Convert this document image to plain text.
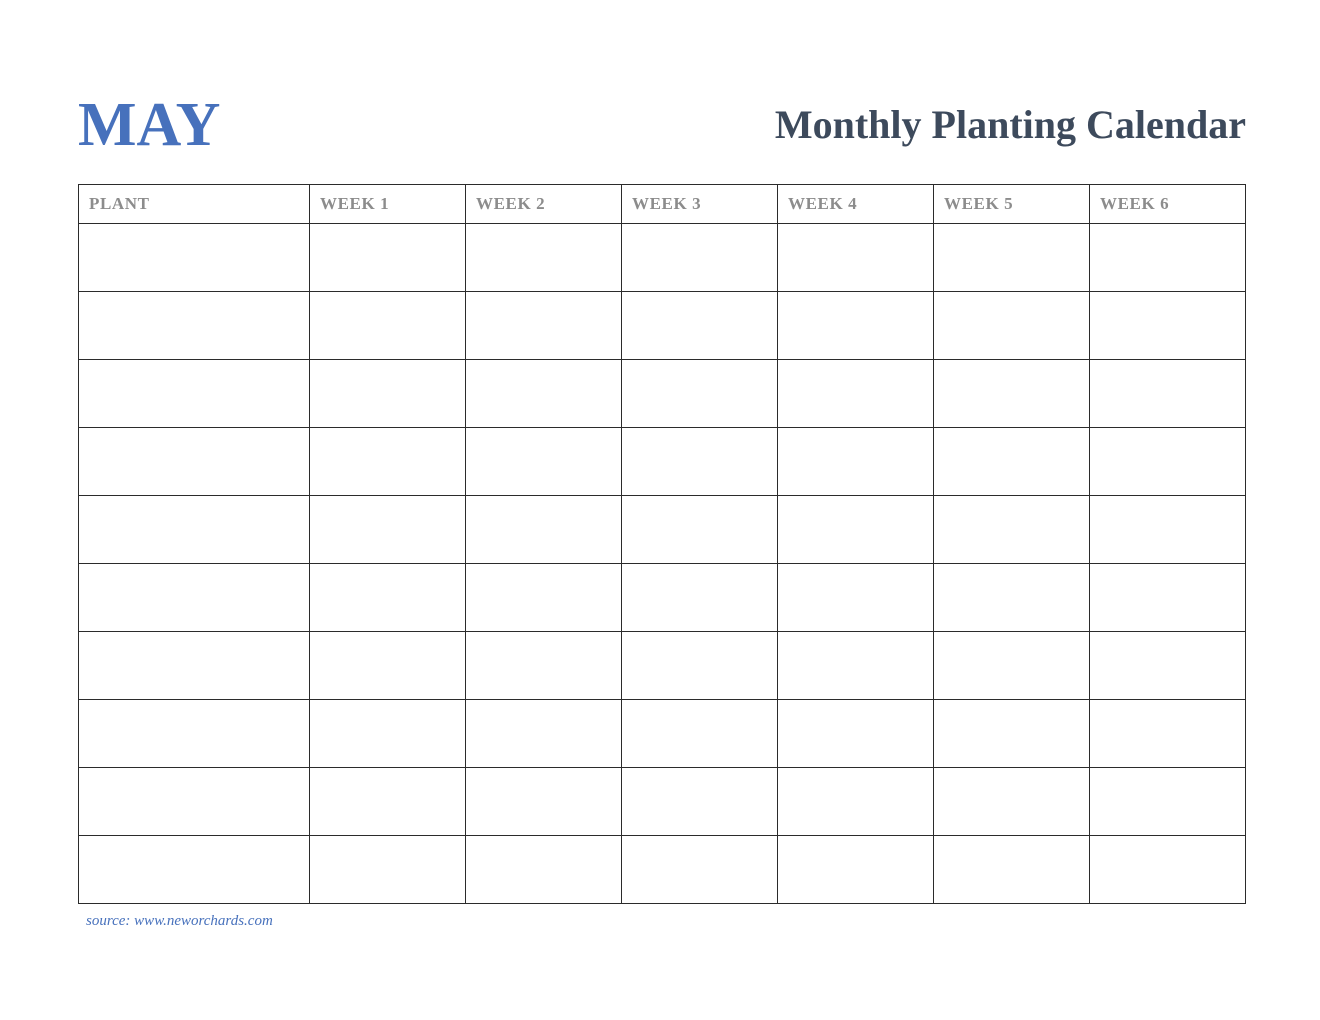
MAY	Monthly Planting Calendar
PLANT	WEEK 1	WEEK 2	WEEK 3	WEEK 4	WEEK 5	WEEK 6

source: www.neworchards.com
